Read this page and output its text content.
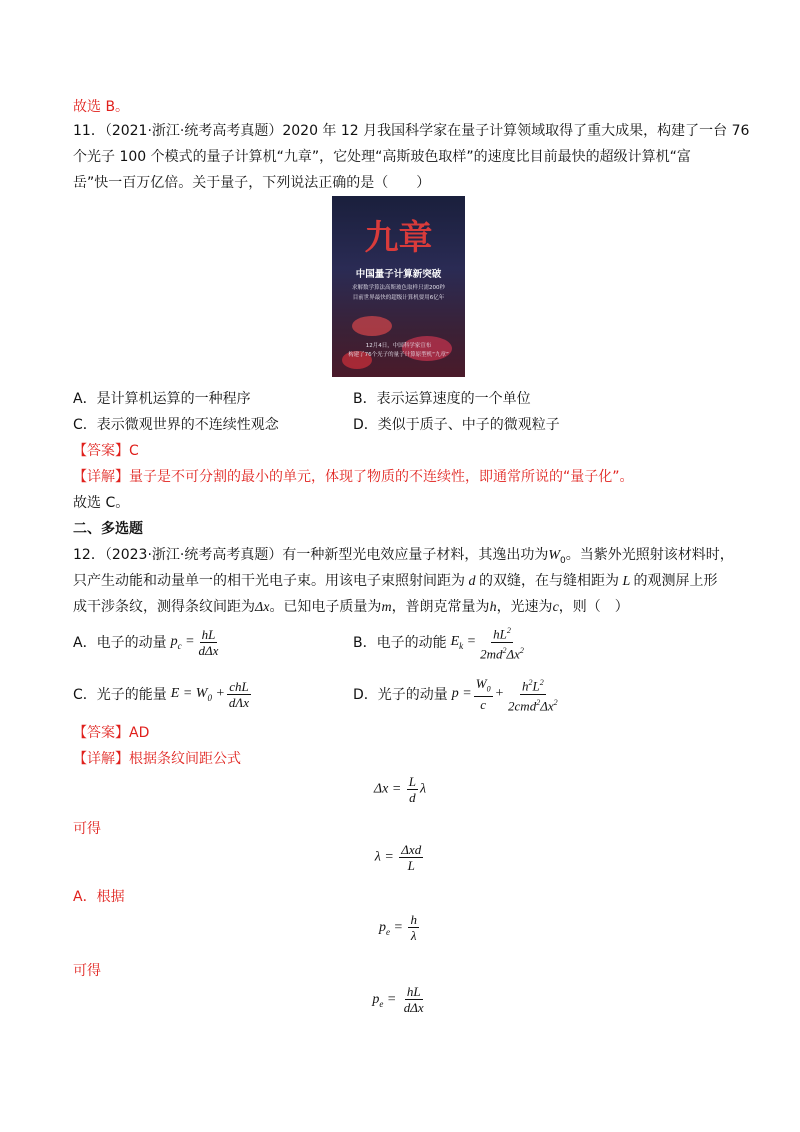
故选 B。
11．（2021·浙江·统考高考真题）2020 年 12 月我国科学家在量子计算领域取得了重大成果，构建了一台 76
个光子 100 个模式的量子计算机“九章”，它处理“高斯玻色取样”的速度比目前最快的超级计算机“富
岳”快一百万亿倍。关于量子，下列说法正确的是（　　）
九章
中国量子计算新突破
求解数学算法高斯玻色取样只需200秒
目前世界最快的超级计算机要用6亿年
12月4日，中国科学家宣布
构建了76个光子的量子计算原型机“九章”
A．是计算机运算的一种程序	B．表示运算速度的一个单位
C．表示微观世界的不连续性观念	D．类似于质子、中子的微观粒子
【答案】C
【详解】量子是不可分割的最小的单元，体现了物质的不连续性，即通常所说的“量子化”。
故选 C。
二、多选题
12．（2023·浙江·统考高考真题）有一种新型光电效应量子材料，其逸出功为$W_0$。当紫外光照射该材料时，
只产生动能和动量单一的相干光电子束。用该电子束照射间距为 d 的双缝，在与缝相距为 L 的观测屏上形
成干涉条纹，测得条纹间距为Δx。已知电子质量为m，普朗克常量为h，光速为c，则（　）
A．电子的动量 $p_c = \frac{hL}{\text{dΔx}}$	B．电子的动能 $E_k = \frac{hL^2}{2md^2\Delta x^2}$
C．光子的能量 $E = W_0 + \frac{\text{chL}}{\text{dΛx}}$	D．光子的动量 $p = \frac{W_0}{c} + \frac{h^2L^2}{2cmd^2\Delta x^2}$
【答案】AD
【详解】根据条纹间距公式
$\Delta x = \frac{L}{d}$ λ
可得
$\lambda = \frac{\text{Δxd}}{L}$
A．根据
$p_e = \frac{h}{\lambda}$
可得
$p_e = \frac{hL}{\text{dΔx}}$
